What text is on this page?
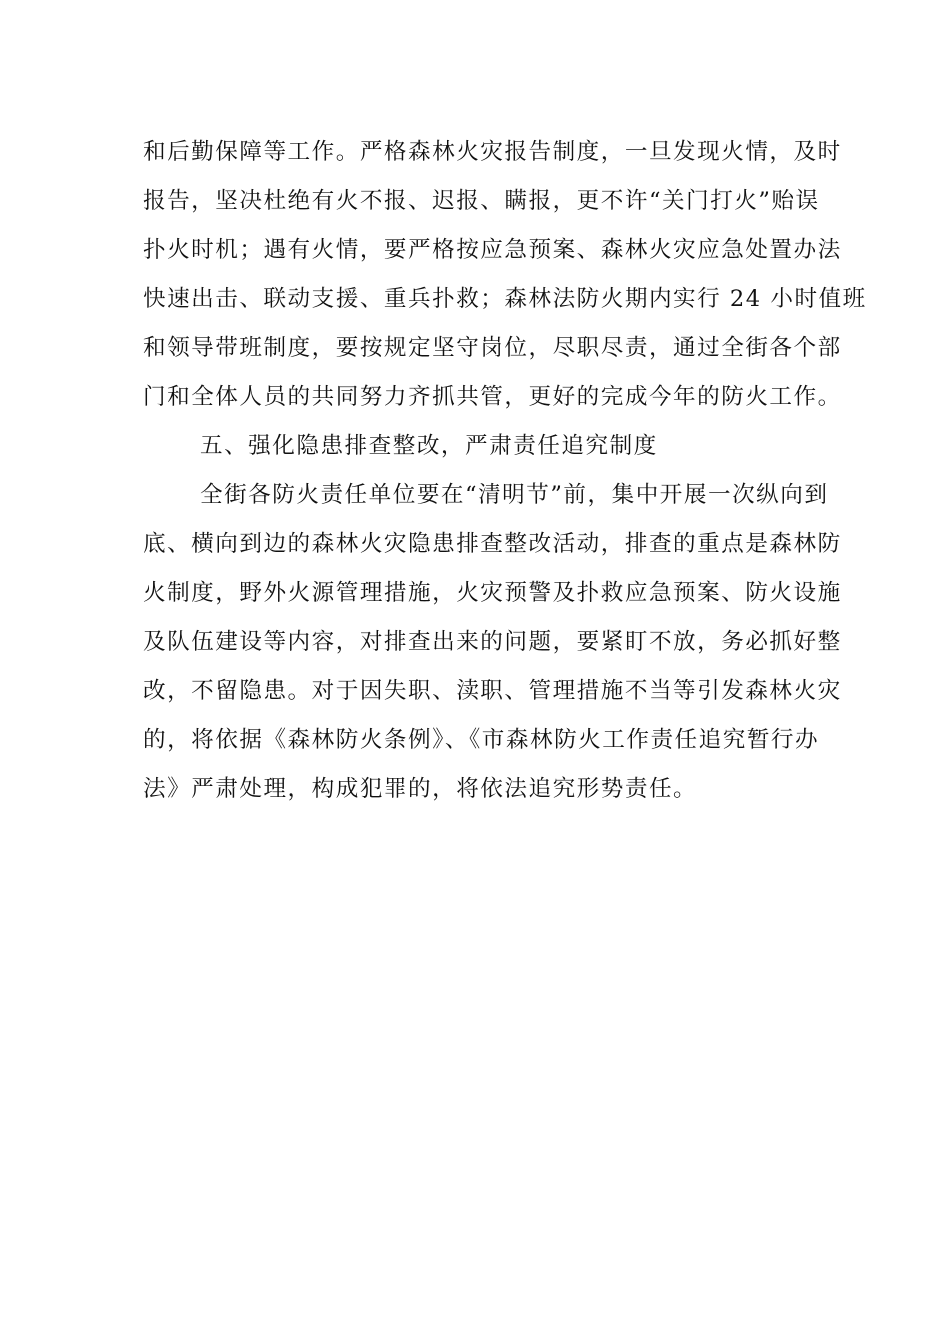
和后勤保障等工作。严格森林火灾报告制度，一旦发现火情，及时
报告，坚决杜绝有火不报、迟报、瞒报，更不许“关门打火”贻误
扑火时机；遇有火情，要严格按应急预案、森林火灾应急处置办法
快速出击、联动支援、重兵扑救；森林法防火期内实行 24 小时值班
和领导带班制度，要按规定坚守岗位，尽职尽责，通过全街各个部
门和全体人员的共同努力齐抓共管，更好的完成今年的防火工作。
五、强化隐患排查整改，严肃责任追究制度
全街各防火责任单位要在“清明节”前，集中开展一次纵向到
底、横向到边的森林火灾隐患排查整改活动，排查的重点是森林防
火制度，野外火源管理措施，火灾预警及扑救应急预案、防火设施
及队伍建设等内容，对排查出来的问题，要紧盯不放，务必抓好整
改，不留隐患。对于因失职、渎职、管理措施不当等引发森林火灾
的，将依据《森林防火条例》、《市森林防火工作责任追究暂行办
法》严肃处理，构成犯罪的，将依法追究形势责任。
